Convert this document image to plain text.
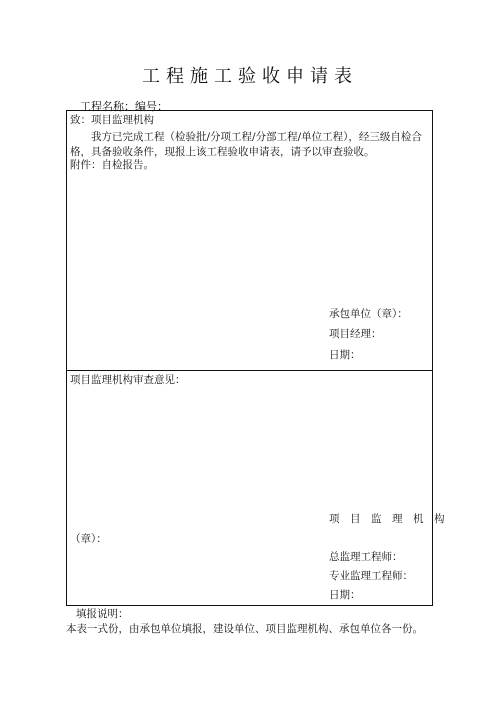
工程施工验收申请表
工程名称：编号：
致：项目监理机构
我方已完成工程（检验批/分项工程/分部工程/单位工程），经三级自检合格，具备验收条件，现报上该工程验收申请表，请予以审查验收。
附件：自检报告。
承包单位（章）：
项目经理：
日期：
项目监理机构审查意见：
项　目　监　理　机　构
（章）：
总监理工程师：
专业监理工程师：
日期：
填报说明：
本表一式份，由承包单位填报，建设单位、项目监理机构、承包单位各一份。
